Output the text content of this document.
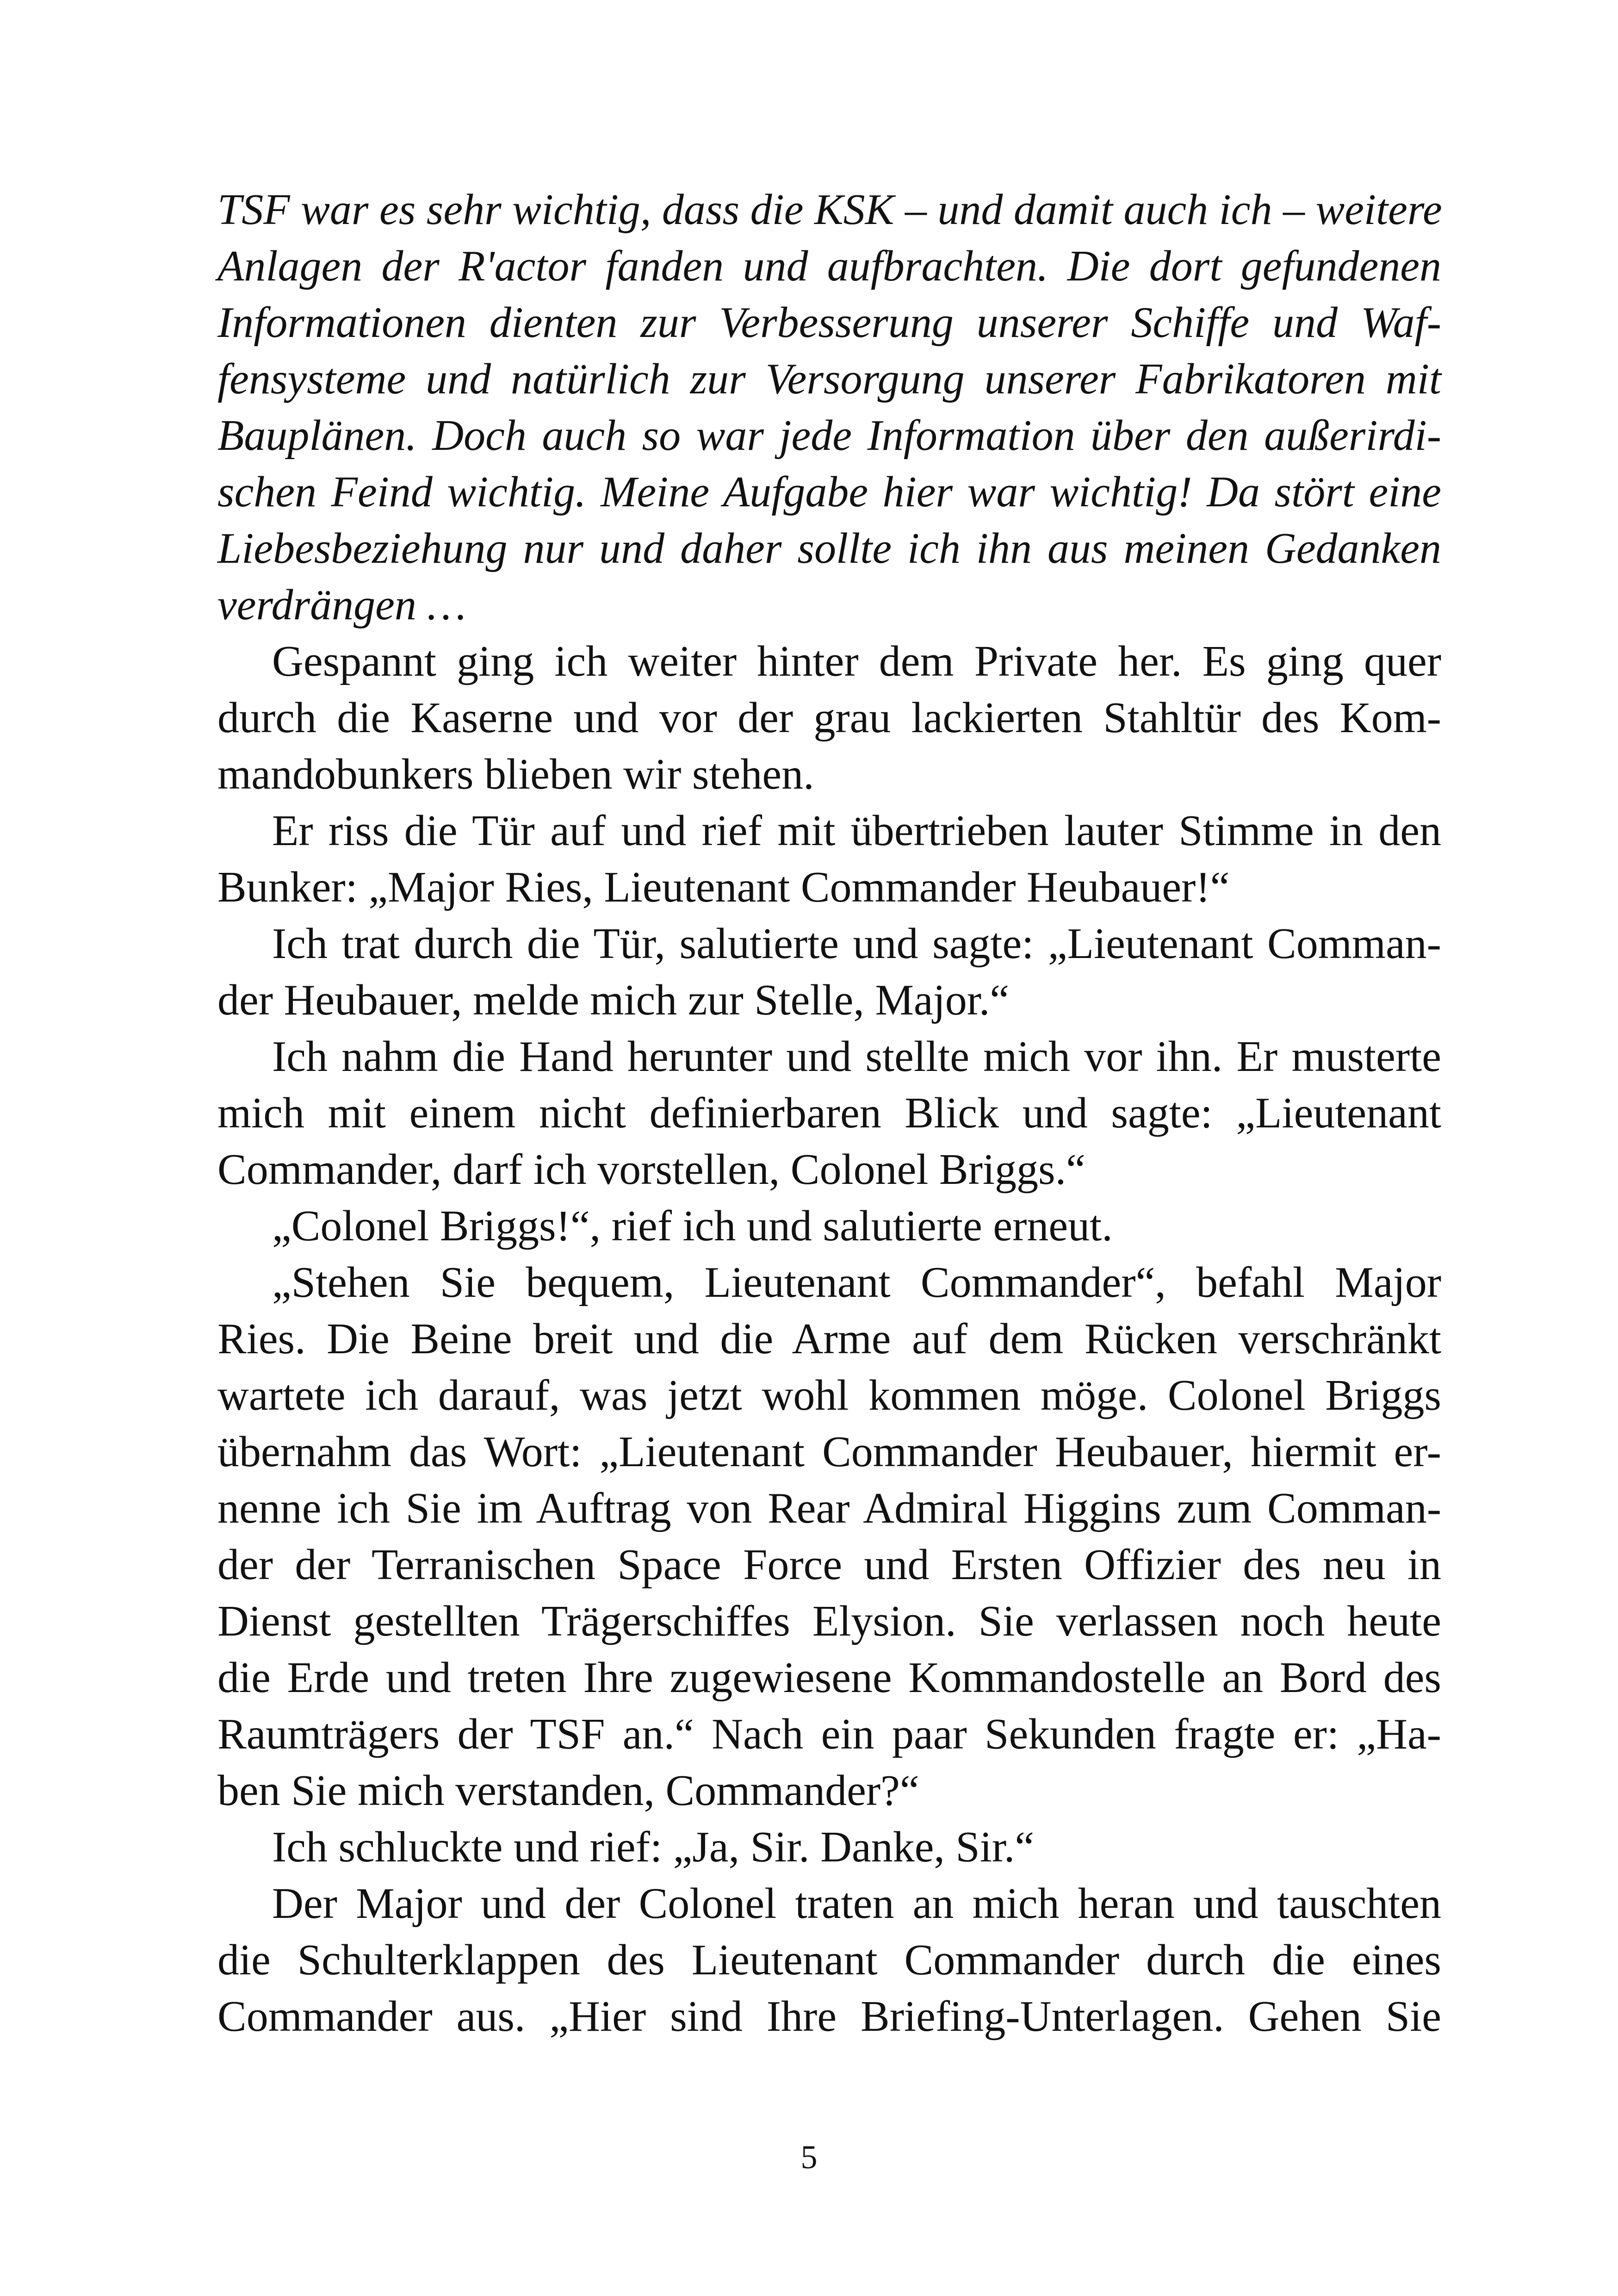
TSF war es sehr wichtig, dass die KSK – und damit auch ich – weitere
Anlagen der R'actor fanden und aufbrachten. Die dort gefundenen
Informationen dienten zur Verbesserung unserer Schiffe und Waf-
fensysteme und natürlich zur Versorgung unserer Fabrikatoren mit
Bauplänen. Doch auch so war jede Information über den außerirdi-
schen Feind wichtig. Meine Aufgabe hier war wichtig! Da stört eine
Liebesbeziehung nur und daher sollte ich ihn aus meinen Gedanken
verdrängen …
Gespannt ging ich weiter hinter dem Private her. Es ging quer
durch die Kaserne und vor der grau lackierten Stahltür des Kom-
mandobunkers blieben wir stehen.
Er riss die Tür auf und rief mit übertrieben lauter Stimme in den
Bunker: „Major Ries, Lieutenant Commander Heubauer!“
Ich trat durch die Tür, salutierte und sagte: „Lieutenant Comman-
der Heubauer, melde mich zur Stelle, Major.“
Ich nahm die Hand herunter und stellte mich vor ihn. Er musterte
mich mit einem nicht definierbaren Blick und sagte: „Lieutenant
Commander, darf ich vorstellen, Colonel Briggs.“
„Colonel Briggs!“, rief ich und salutierte erneut.
„Stehen Sie bequem, Lieutenant Commander“, befahl Major
Ries. Die Beine breit und die Arme auf dem Rücken verschränkt
wartete ich darauf, was jetzt wohl kommen möge. Colonel Briggs
übernahm das Wort: „Lieutenant Commander Heubauer, hiermit er-
nenne ich Sie im Auftrag von Rear Admiral Higgins zum Comman-
der der Terranischen Space Force und Ersten Offizier des neu in
Dienst gestellten Trägerschiffes Elysion. Sie verlassen noch heute
die Erde und treten Ihre zugewiesene Kommandostelle an Bord des
Raumträgers der TSF an.“ Nach ein paar Sekunden fragte er: „Ha-
ben Sie mich verstanden, Commander?“
Ich schluckte und rief: „Ja, Sir. Danke, Sir.“
Der Major und der Colonel traten an mich heran und tauschten
die Schulterklappen des Lieutenant Commander durch die eines
Commander aus. „Hier sind Ihre Briefing-Unterlagen. Gehen Sie
5
